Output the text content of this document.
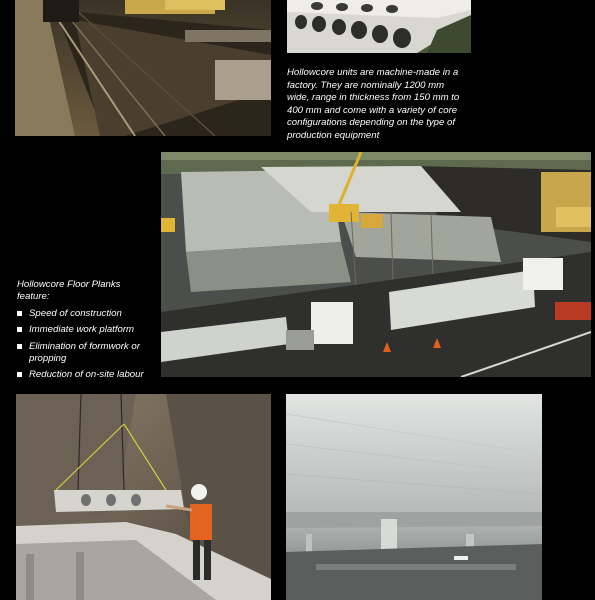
Hollowcore units are machine-made in a
factory. They are nominally 1200 mm
wide, range in thickness from 150 mm to
400 mm and come with a variety of core
configurations depending on the type of
production equipment
Hollowcore Floor Planks
feature:
Speed of construction
Immediate work platform
Elimination of formwork or propping
Reduction of on-site labour
